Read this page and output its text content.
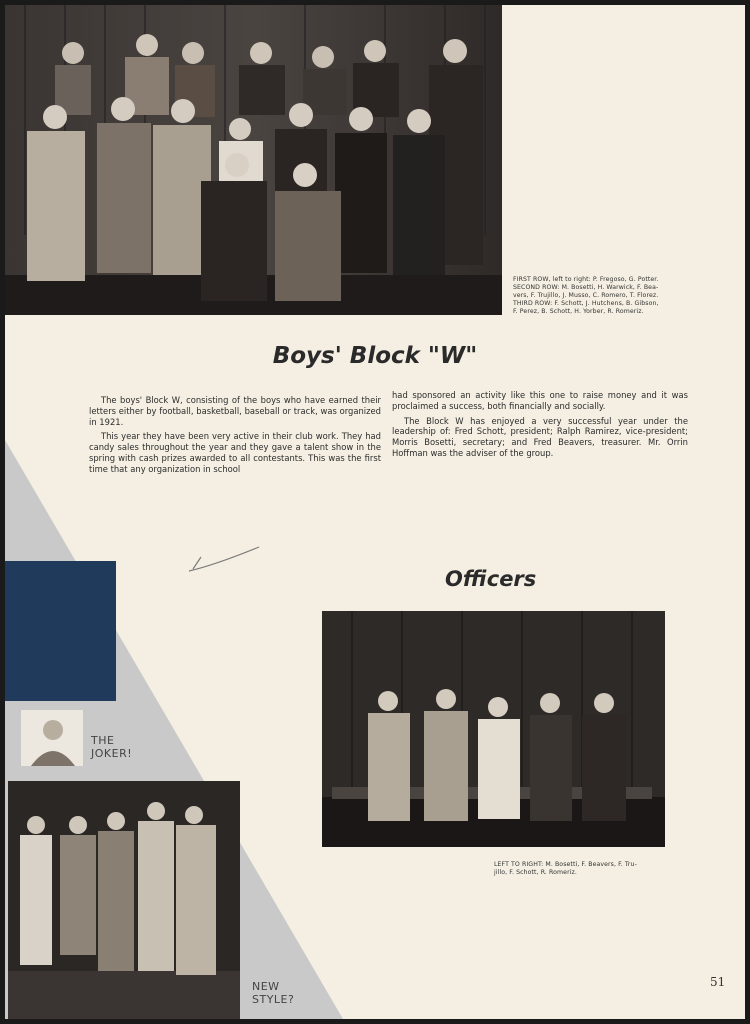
FIRST ROW, left to right: P. Fregoso, G. Potter.
SECOND ROW: M. Bosetti, H. Warwick, F. Bea-
vers, F. Trujillo, J. Musso, C. Romero, T. Florez.
THIRD ROW: F. Schott, J. Hutchens, B. Gibson,
F. Perez, B. Schott, H. Yorber, R. Romeriz.
Boys' Block "W"

The boys' Block W, consisting of the boys who have earned their letters either by football, basketball, baseball or track, was organized in 1921.

This year they have been very active in their club work. They had candy sales throughout the year and they gave a talent show in the spring with cash prizes awarded to all contestants. This was the first time that any organization in school

had sponsored an activity like this one to raise money and it was proclaimed a success, both financially and socially.

The Block W has enjoyed a very successful year under the leadership of: Fred Schott, president; Ralph Ramirez, vice-president; Morris Bosetti, secretary; and Fred Beavers, treasurer. Mr. Orrin Hoffman was the adviser of the group.

Officers
LEFT TO RIGHT: M. Bosetti, F. Beavers, F. Tru-
jillo, F. Schott, R. Romeriz.
THE
JOKER!
NEW
STYLE?
51
